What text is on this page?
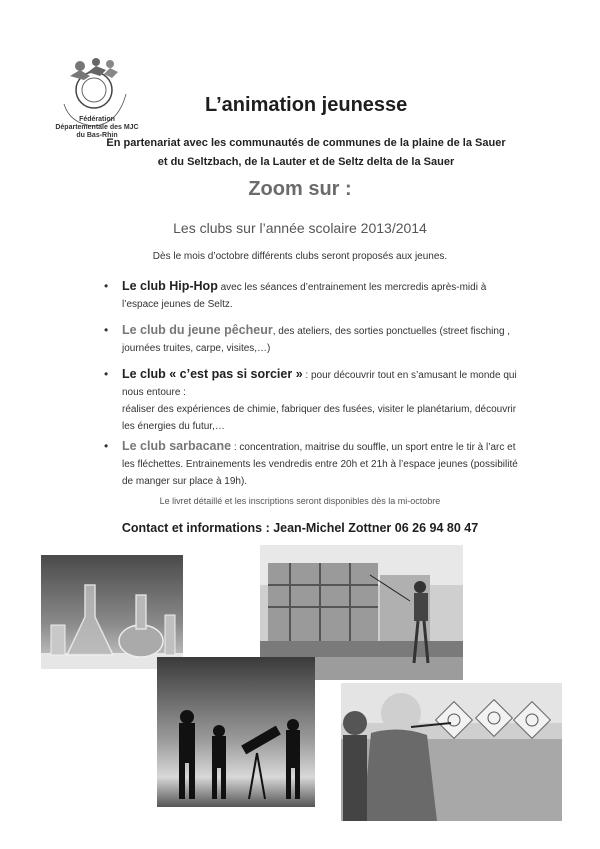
Fédération Départementale des MJC du Bas-Rhin
L’animation jeunesse
En partenariat avec les communautés de communes de la plaine de la Sauer et du Seltzbach, de la Lauter et de Seltz delta de la Sauer
Zoom sur :
Les clubs sur l’année scolaire 2013/2014
Dès le mois d’octobre différents clubs seront proposés aux jeunes.
• Le club Hip-Hop avec les séances d’entrainement les mercredis après-midi à l’espace jeunes de Seltz.
• Le club du jeune pêcheur, des ateliers, des sorties ponctuelles (street fisching , journées truites, carpe, visites,…)
• Le club « c’est pas si sorcier » : pour découvrir tout en s’amusant le monde qui nous entoure :
réaliser des expériences de chimie, fabriquer des fusées, visiter le planétarium, découvrir les énergies du futur,…
• Le club sarbacane : concentration, maitrise du souffle, un sport entre le tir à l’arc et les fléchettes. Entrainements les vendredis entre 20h et 21h à l’espace jeunes (possibilité de manger sur place à 19h).
Le livret détaillé et les inscriptions seront disponibles dès la mi-octobre
Contact et informations : Jean-Michel Zottner 06 26 94 80 47
